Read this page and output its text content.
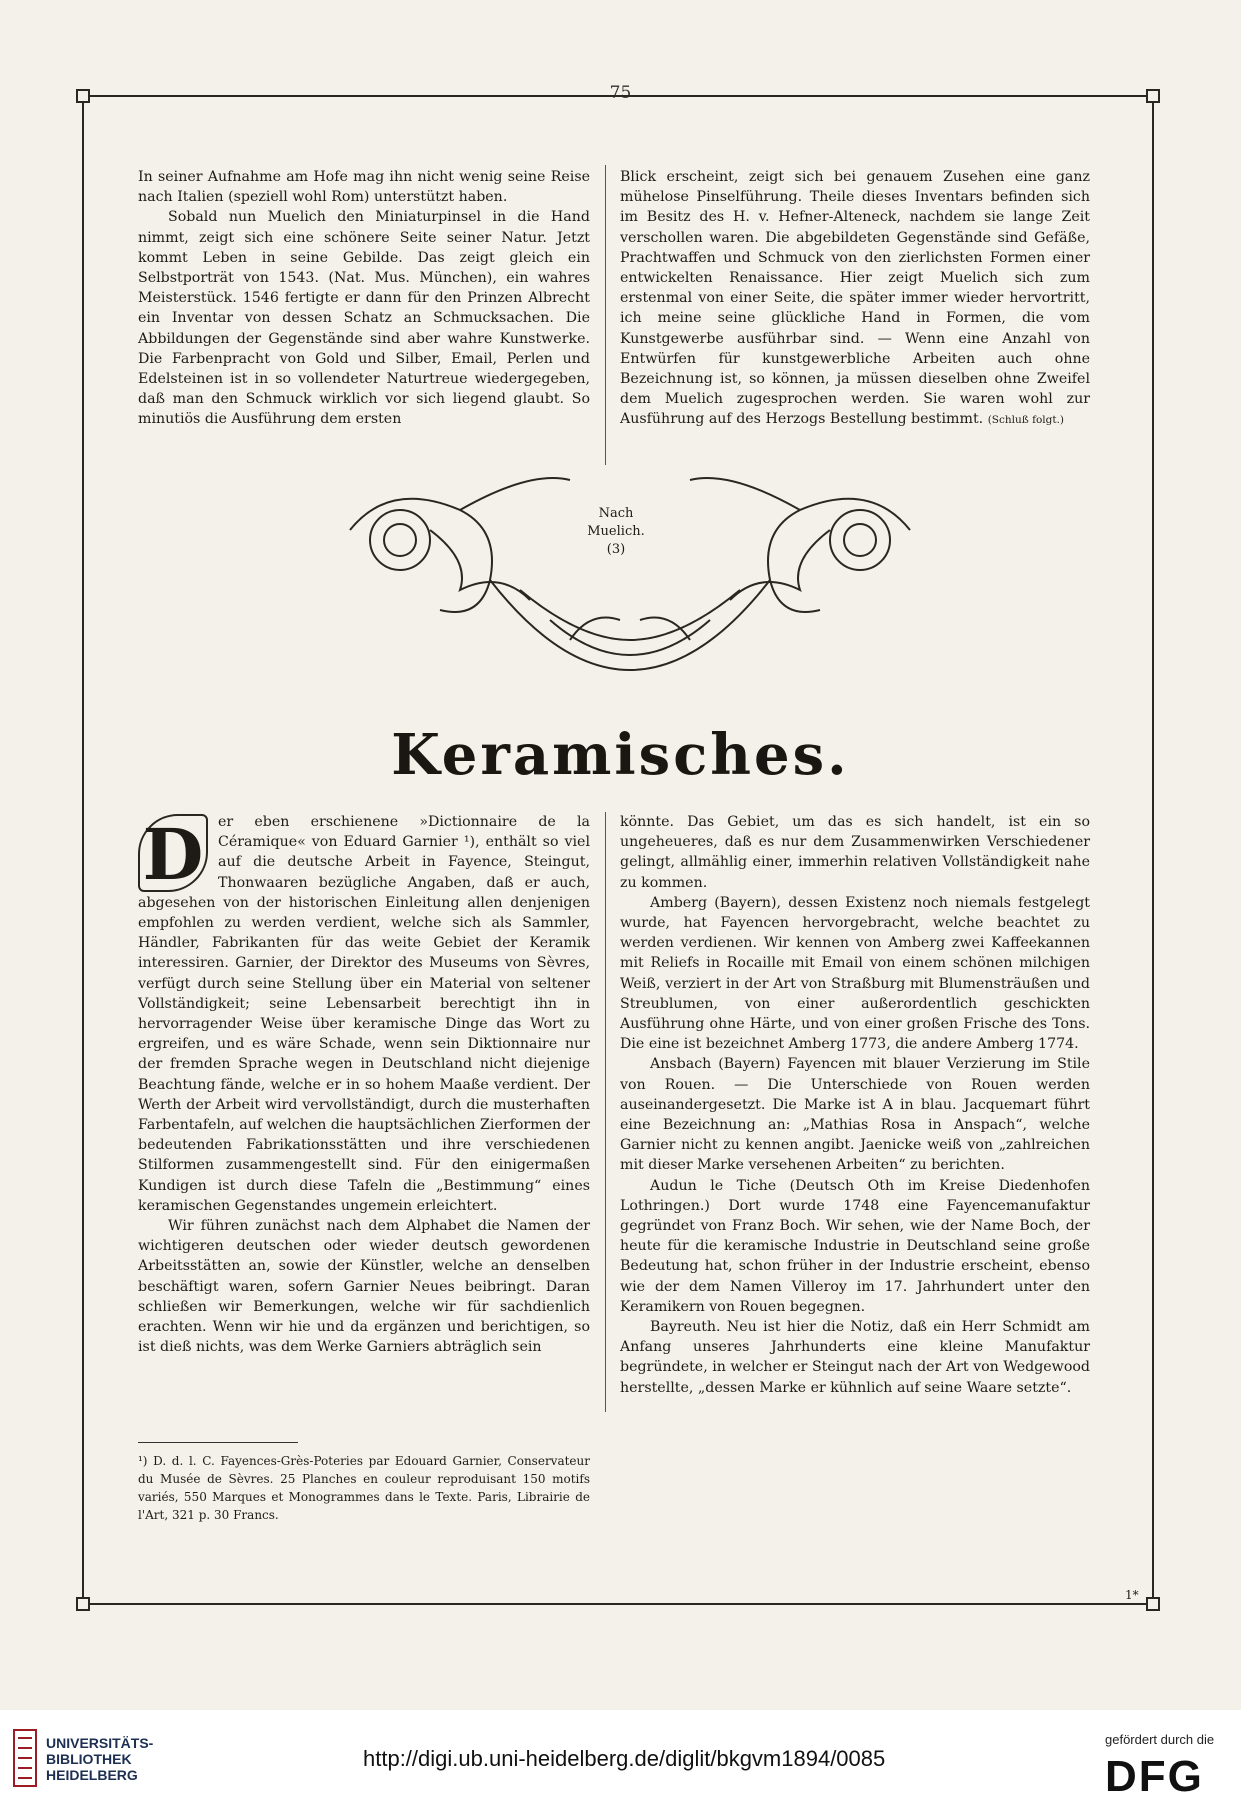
75

In seiner Aufnahme am Hofe mag ihn nicht wenig seine Reise nach Italien (speziell wohl Rom) unterstützt haben.

Sobald nun Muelich den Miniaturpinsel in die Hand nimmt, zeigt sich eine schönere Seite seiner Natur. Jetzt kommt Leben in seine Gebilde. Das zeigt gleich ein Selbstporträt von 1543. (Nat. Mus. München), ein wahres Meisterstück. 1546 fertigte er dann für den Prinzen Albrecht ein Inventar von dessen Schatz an Schmucksachen. Die Abbildungen der Gegenstände sind aber wahre Kunstwerke. Die Farbenpracht von Gold und Silber, Email, Perlen und Edelsteinen ist in so vollendeter Naturtreue wiedergegeben, daß man den Schmuck wirklich vor sich liegend glaubt. So minutiös die Ausführung dem ersten

Blick erscheint, zeigt sich bei genauem Zusehen eine ganz mühelose Pinselführung. Theile dieses Inventars befinden sich im Besitz des H. v. Hefner-Alteneck, nachdem sie lange Zeit verschollen waren. Die abgebildeten Gegenstände sind Gefäße, Prachtwaffen und Schmuck von den zierlichsten Formen einer entwickelten Renaissance. Hier zeigt Muelich sich zum erstenmal von einer Seite, die später immer wieder hervortritt, ich meine seine glückliche Hand in Formen, die vom Kunstgewerbe ausführbar sind. — Wenn eine Anzahl von Entwürfen für kunstgewerbliche Arbeiten auch ohne Bezeichnung ist, so können, ja müssen dieselben ohne Zweifel dem Muelich zugesprochen werden. Sie waren wohl zur Ausführung auf des Herzogs Bestellung bestimmt. (Schluß folgt.)

Nach
Muelich.
(3)
Keramisches.

D	er eben erschienene »Dictionnaire de la Céramique« von Eduard Garnier ¹), enthält so viel auf die deutsche Arbeit in Fayence, Steingut, Thonwaaren bezügliche Angaben, daß er auch, abgesehen von der historischen Einleitung allen denjenigen empfohlen zu werden verdient, welche sich als Sammler, Händler, Fabrikanten für das weite Gebiet der Keramik interessiren. Garnier, der Direktor des Museums von Sèvres, verfügt durch seine Stellung über ein Material von seltener Vollständigkeit; seine Lebensarbeit berechtigt ihn in hervorragender Weise über keramische Dinge das Wort zu ergreifen, und es wäre Schade, wenn sein Diktionnaire nur der fremden Sprache wegen in Deutschland nicht diejenige Beachtung fände, welche er in so hohem Maaße verdient. Der Werth der Arbeit wird vervollständigt, durch die musterhaften Farbentafeln, auf welchen die hauptsächlichen Zierformen der bedeutenden Fabrikationsstätten und ihre verschiedenen Stilformen zusammengestellt sind. Für den einigermaßen Kundigen ist durch diese Tafeln die „Bestimmung“ eines keramischen Gegenstandes ungemein erleichtert.

Wir führen zunächst nach dem Alphabet die Namen der wichtigeren deutschen oder wieder deutsch gewordenen Arbeitsstätten an, sowie der Künstler, welche an denselben beschäftigt waren, sofern Garnier Neues beibringt. Daran schließen wir Bemerkungen, welche wir für sachdienlich erachten. Wenn wir hie und da ergänzen und berichtigen, so ist dieß nichts, was dem Werke Garniers abträglich sein

¹) D. d. l. C. Fayences-Grès-Poteries par Edouard Garnier, Conservateur du Musée de Sèvres. 25 Planches en couleur reproduisant 150 motifs variés, 550 Marques et Monogrammes dans le Texte. Paris, Librairie de l'Art, 321 p. 30 Francs.

könnte. Das Gebiet, um das es sich handelt, ist ein so ungeheueres, daß es nur dem Zusammenwirken Verschiedener gelingt, allmählig einer, immerhin relativen Vollständigkeit nahe zu kommen.

Amberg (Bayern), dessen Existenz noch niemals festgelegt wurde, hat Fayencen hervorgebracht, welche beachtet zu werden verdienen. Wir kennen von Amberg zwei Kaffeekannen mit Reliefs in Rocaille mit Email von einem schönen milchigen Weiß, verziert in der Art von Straßburg mit Blumensträußen und Streublumen, von einer außerordentlich geschickten Ausführung ohne Härte, und von einer großen Frische des Tons. Die eine ist bezeichnet Amberg 1773, die andere Amberg 1774.

Ansbach (Bayern) Fayencen mit blauer Verzierung im Stile von Rouen. — Die Unterschiede von Rouen werden auseinandergesetzt. Die Marke ist A in blau. Jacquemart führt eine Bezeichnung an: „Mathias Rosa in Anspach“, welche Garnier nicht zu kennen angibt. Jaenicke weiß von „zahlreichen mit dieser Marke versehenen Arbeiten“ zu berichten.

Audun le Tiche (Deutsch Oth im Kreise Diedenhofen Lothringen.) Dort wurde 1748 eine Fayencemanufaktur gegründet von Franz Boch. Wir sehen, wie der Name Boch, der heute für die keramische Industrie in Deutschland seine große Bedeutung hat, schon früher in der Industrie erscheint, ebenso wie der dem Namen Villeroy im 17. Jahrhundert unter den Keramikern von Rouen begegnen.

Bayreuth. Neu ist hier die Notiz, daß ein Herr Schmidt am Anfang unseres Jahrhunderts eine kleine Manufaktur begründete, in welcher er Steingut nach der Art von Wedgewood herstellte, „dessen Marke er kühnlich auf seine Waare setzte“.

1*
UNIVERSITÄTS-
BIBLIOTHEK
HEIDELBERG
http://digi.ub.uni-heidelberg.de/diglit/bkgvm1894/0085
gefördert durch die
DFG
